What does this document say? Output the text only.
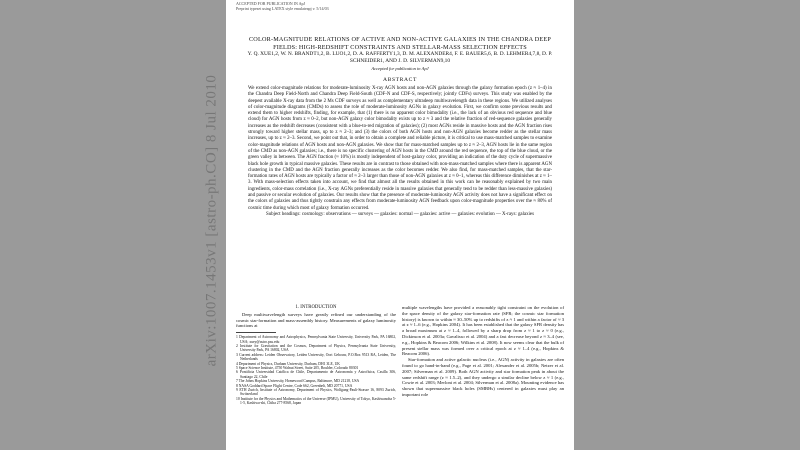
ACCEPTED FOR PUBLICATION IN ApJ
Preprint typeset using LATEX style emulateapj v. 5/14/03
COLOR-MAGNITUDE RELATIONS OF ACTIVE AND NON-ACTIVE GALAXIES IN THE CHANDRA DEEP FIELDS: HIGH-REDSHIFT CONSTRAINTS AND STELLAR-MASS SELECTION EFFECTS
Y. Q. XUE1,2, W. N. BRANDT1,2, B. LUO1,2, D. A. RAFFERTY1,3, D. M. ALEXANDER4, F. E. BAUER5,6, B. D. LEHMER4,7,8, D. P. SCHNEIDER1, AND J. D. SILVERMAN9,10
Accepted for publication in ApJ
ABSTRACT

We extend color-magnitude relations for moderate-luminosity X-ray AGN hosts and non-AGN galaxies through the galaxy formation epoch (z ≈ 1–4) in the Chandra Deep Field-North and Chandra Deep Field-South (CDF-N and CDF-S, respectively; jointly CDFs) surveys. This study was enabled by the deepest available X-ray data from the 2 Ms CDF surveys as well as complementary ultradeep multiwavelength data in these regions. We utilized analyses of color-magnitude diagrams (CMDs) to assess the role of moderate-luminosity AGNs in galaxy evolution. First, we confirm some previous results and extend them to higher redshifts, finding, for example, that (1) there is no apparent color bimodality (i.e., the lack of an obvious red sequence and blue cloud) for AGN hosts from z ≈ 0–2, but non-AGN galaxy color bimodality exists up to z ≈ 3 and the relative fraction of red-sequence galaxies generally increases as the redshift decreases (consistent with a blue-to-red migration of galaxies); (2) most AGNs reside in massive hosts and the AGN fraction rises strongly toward higher stellar mass, up to z ≈ 2–3; and (3) the colors of both AGN hosts and non-AGN galaxies become redder as the stellar mass increases, up to z ≈ 2–3. Second, we point out that, in order to obtain a complete and reliable picture, it is critical to use mass-matched samples to examine color-magnitude relations of AGN hosts and non-AGN galaxies. We show that for mass-matched samples up to z ≈ 2–3, AGN hosts lie in the same region of the CMD as non-AGN galaxies; i.e., there is no specific clustering of AGN hosts in the CMD around the red sequence, the top of the blue cloud, or the green valley in between. The AGN fraction (≈ 10%) is mostly independent of host-galaxy color, providing an indication of the duty cycle of supermassive black hole growth in typical massive galaxies. These results are in contrast to those obtained with non-mass-matched samples where there is apparent AGN clustering in the CMD and the AGN fraction generally increases as the color becomes redder. We also find, for mass-matched samples, that the star-formation rates of AGN hosts are typically a factor of ≈ 2–3 larger than those of non-AGN galaxies at z ≈ 0–1, whereas this difference diminishes at z ≈ 1–3. With mass-selection effects taken into account, we find that almost all the results obtained in this work can be reasonably explained by two main ingredients, color-mass correlation (i.e., X-ray AGNs preferentially reside in massive galaxies that generally tend to be redder than less-massive galaxies) and passive or secular evolution of galaxies. Our results show that the presence of moderate-luminosity AGN activity does not have a significant effect on the colors of galaxies and thus tightly constrain any effects from moderate-luminosity AGN feedback upon color-magnitude properties over the ≈ 80% of cosmic time during which most of galaxy formation occurred.

Subject headings: cosmology: observations — surveys — galaxies: normal — galaxies: active — galaxies: evolution — X-rays: galaxies

1. INTRODUCTION

Deep multiwavelength surveys have greatly refined our understanding of the cosmic star-formation and mass-assembly history. Measurements of galaxy luminosity functions at

1 Department of Astronomy and Astrophysics, Pennsylvania State University, University Park, PA 16802, USA; xuey@astro.psu.edu
2 Institute for Gravitation and the Cosmos, Department of Physics, Pennsylvania State University, University Park, PA 16802, USA
3 Current address: Leiden Observatory, Leiden University, Oort Gebouw, P.O.Box 9513 RA, Leiden, The Netherlands
4 Department of Physics, Durham University, Durham, DH1 3LE, UK
5 Space Science Institute, 4750 Walnut Street, Suite 205, Boulder, Colorado 80301
6 Pontificia Universidad Católica de Chile, Departamento de Astronomía y Astrofísica, Casilla 306, Santiago 22, Chile
7 The Johns Hopkins University, Homewood Campus, Baltimore, MD 21218, USA
8 NASA Goddard Space Flight Centre, Code 662, Greenbelt, MD 20771, USA
9 ETH Zurich, Institute of Astronomy, Department of Physics, Wolfgang-Pauli-Strasse 16, 8093 Zurich, Switzerland
10 Institute for the Physics and Mathematics of the Universe (IPMU), University of Tokyo, Kashiwanoha 5-1-5, Kashiwa-shi, Chiba 277-8568, Japan

multiple wavelengths have provided a reasonably tight constraint on the evolution of the space density of the galaxy star-formation rate (SFR; the cosmic star formation history) is known to within ≈ 30–50% up to redshifts of z ≈ 1 and within a factor of ≈ 3 at z ≈ 1–6 (e.g., Hopkins 2004). It has been established that the galaxy SFR density has a broad maximum at z ≈ 1–4, followed by a sharp drop from z ≈ 1 to z ≈ 0 (e.g., Dickinson et al. 2003a; Gavalisso et al. 2004) and a fast decrease beyond z ≈ 3–4 (see, e.g., Hopkins & Beacom 2006; Wilkins et al. 2008). It now seems clear that the bulk of present stellar mass was formed over a critical epoch at z ≈ 1–4 (e.g., Hopkins & Beacom 2006).

Star-formation and active galactic nucleus (i.e., AGN) activity in galaxies are often found to go hand-in-hand (e.g., Page et al. 2001; Alexander et al. 2005b; Netzer et al. 2007; Silverman et al. 2009). Both AGN activity and star formation peak in about the same redshift range (z ≈ 1.5–2), and they undergo a similar decline below z ≈ 1 (e.g., Cowie et al. 2003; Merloni et al. 2004; Silverman et al. 2008a). Mounting evidence has shown that supermassive black holes (SMBHs) centered in galaxies must play an important role

arXiv:1007.1453v1 [astro-ph.CO] 8 Jul 2010
